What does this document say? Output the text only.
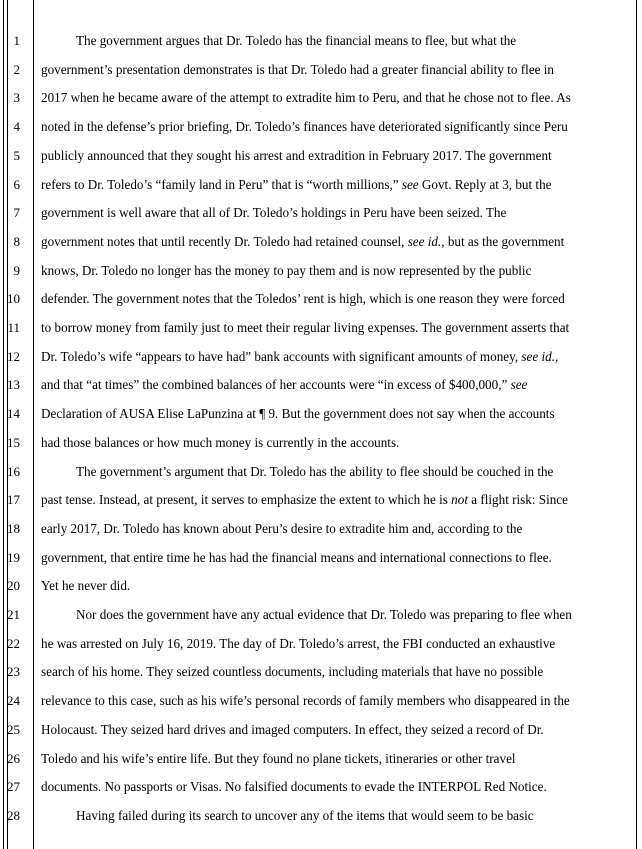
1	The government argues that Dr. Toledo has the financial means to flee, but what the
2 government’s presentation demonstrates is that Dr. Toledo had a greater financial ability to flee in
3 2017 when he became aware of the attempt to extradite him to Peru, and that he chose not to flee. As
4 noted in the defense’s prior briefing, Dr. Toledo’s finances have deteriorated significantly since Peru
5 publicly announced that they sought his arrest and extradition in February 2017. The government
6 refers to Dr. Toledo’s “family land in Peru” that is “worth millions,” see Govt. Reply at 3, but the
7 government is well aware that all of Dr. Toledo’s holdings in Peru have been seized. The
8 government notes that until recently Dr. Toledo had retained counsel, see id., but as the government
9 knows, Dr. Toledo no longer has the money to pay them and is now represented by the public
10 defender. The government notes that the Toledos’ rent is high, which is one reason they were forced
11 to borrow money from family just to meet their regular living expenses. The government asserts that
12 Dr. Toledo’s wife “appears to have had” bank accounts with significant amounts of money, see id.,
13 and that “at times” the combined balances of her accounts were “in excess of $400,000,” see
14 Declaration of AUSA Elise LaPunzina at ¶ 9. But the government does not say when the accounts
15 had those balances or how much money is currently in the accounts.
16	The government’s argument that Dr. Toledo has the ability to flee should be couched in the
17 past tense. Instead, at present, it serves to emphasize the extent to which he is not a flight risk: Since
18 early 2017, Dr. Toledo has known about Peru’s desire to extradite him and, according to the
19 government, that entire time he has had the financial means and international connections to flee.
20 Yet he never did.
21	Nor does the government have any actual evidence that Dr. Toledo was preparing to flee when
22 he was arrested on July 16, 2019. The day of Dr. Toledo’s arrest, the FBI conducted an exhaustive
23 search of his home. They seized countless documents, including materials that have no possible
24 relevance to this case, such as his wife’s personal records of family members who disappeared in the
25 Holocaust. They seized hard drives and imaged computers. In effect, they seized a record of Dr.
26 Toledo and his wife’s entire life. But they found no plane tickets, itineraries or other travel
27 documents. No passports or Visas. No falsified documents to evade the INTERPOL Red Notice.
28	Having failed during its search to uncover any of the items that would seem to be basic
